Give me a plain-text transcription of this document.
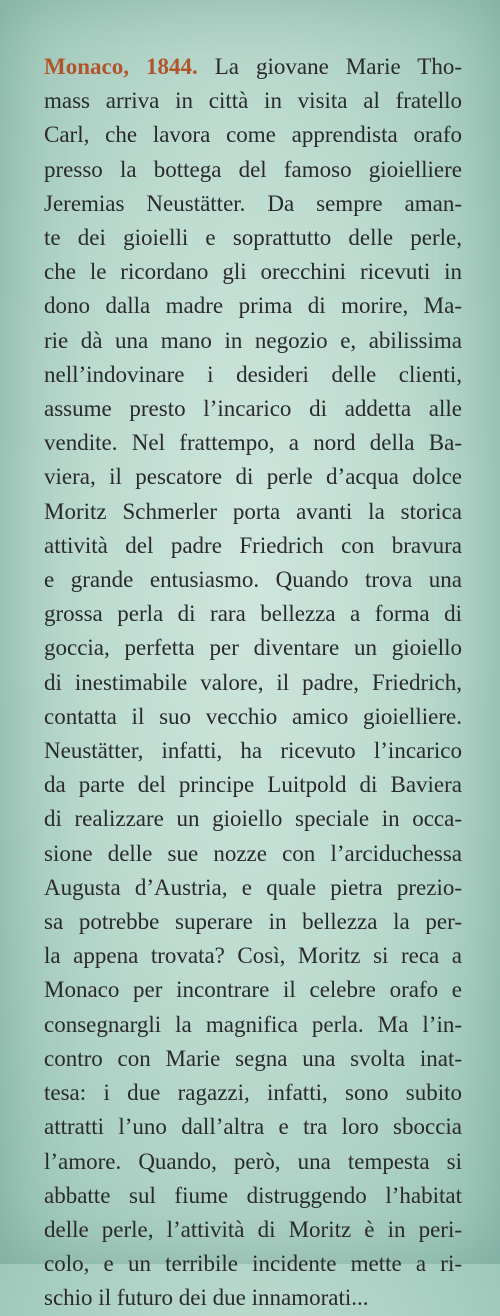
Monaco, 1844. La giovane Marie Tho-
mass arriva in città in visita al fratello
Carl, che lavora come apprendista orafo
presso la bottega del famoso gioielliere
Jeremias Neustätter. Da sempre aman-
te dei gioielli e soprattutto delle perle,
che le ricordano gli orecchini ricevuti in
dono dalla madre prima di morire, Ma-
rie dà una mano in negozio e, abilissima
nell’indovinare i desideri delle clienti,
assume presto l’incarico di addetta alle
vendite. Nel frattempo, a nord della Ba-
viera, il pescatore di perle d’acqua dolce
Moritz Schmerler porta avanti la storica
attività del padre Friedrich con bravura
e grande entusiasmo. Quando trova una
grossa perla di rara bellezza a forma di
goccia, perfetta per diventare un gioiello
di inestimabile valore, il padre, Friedrich,
contatta il suo vecchio amico gioielliere.
Neustätter, infatti, ha ricevuto l’incarico
da parte del principe Luitpold di Baviera
di realizzare un gioiello speciale in occa-
sione delle sue nozze con l’arciduchessa
Augusta d’Austria, e quale pietra prezio-
sa potrebbe superare in bellezza la per-
la appena trovata? Così, Moritz si reca a
Monaco per incontrare il celebre orafo e
consegnargli la magnifica perla. Ma l’in-
contro con Marie segna una svolta inat-
tesa: i due ragazzi, infatti, sono subito
attratti l’uno dall’altra e tra loro sboccia
l’amore. Quando, però, una tempesta si
abbatte sul fiume distruggendo l’habitat
delle perle, l’attività di Moritz è in peri-
colo, e un terribile incidente mette a ri-
schio il futuro dei due innamorati...
